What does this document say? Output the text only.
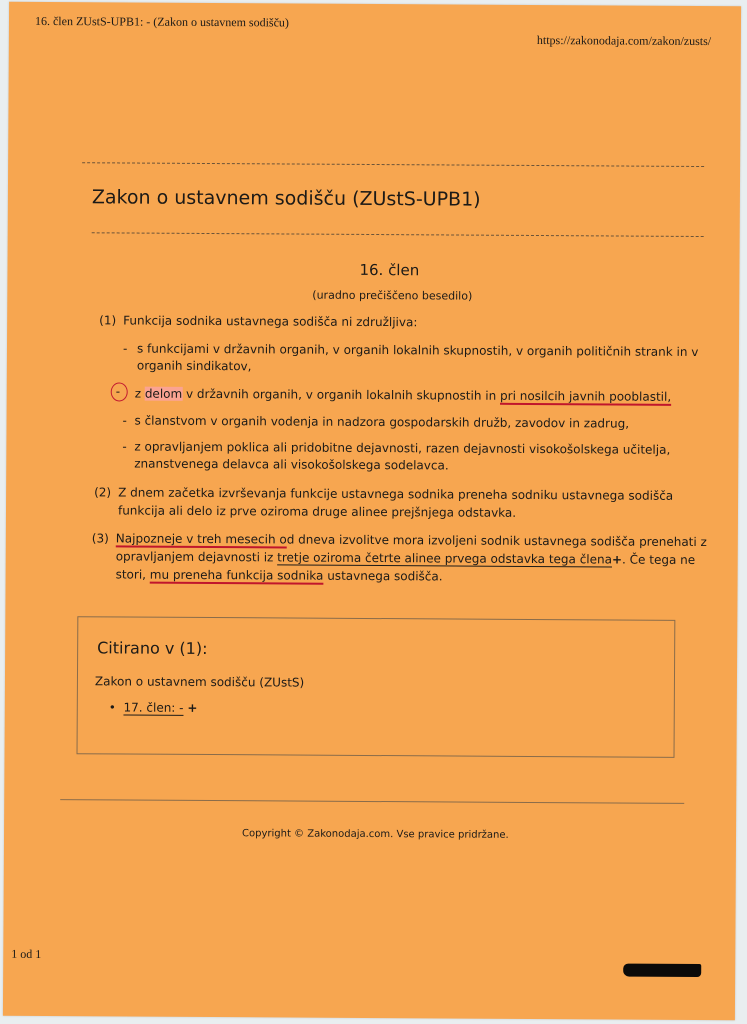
16. člen ZUstS-UPB1: - (Zakon o ustavnem sodišču)
https://zakonodaja.com/zakon/zusts/
Zakon o ustavnem sodišču (ZUstS-UPB1)
16. člen
(uradno prečiščeno besedilo)
(1) Funkcija sodnika ustavnega sodišča ni združljiva:
- s funkcijami v državnih organih, v organih lokalnih skupnostih, v organih političnih strank in v
organih sindikatov,
- z delom v državnih organih, v organih lokalnih skupnostih in pri nosilcih javnih pooblastil,
- s članstvom v organih vodenja in nadzora gospodarskih družb, zavodov in zadrug,
- z opravljanjem poklica ali pridobitne dejavnosti, razen dejavnosti visokošolskega učitelja,
znanstvenega delavca ali visokošolskega sodelavca.
(2) Z dnem začetka izvrševanja funkcije ustavnega sodnika preneha sodniku ustavnega sodišča
funkcija ali delo iz prve oziroma druge alinee prejšnjega odstavka.
(3) Najpozneje v treh mesecih od dneva izvolitve mora izvoljeni sodnik ustavnega sodišča prenehati z
opravljanjem dejavnosti iz tretje oziroma četrte alinee prvega odstavka tega člena+. Če tega ne
stori, mu preneha funkcija sodnika ustavnega sodišča.
Citirano v (1):
Zakon o ustavnem sodišču (ZUstS)
• 17. člen: - +
Copyright © Zakonodaja.com. Vse pravice pridržane.
1 od 1
